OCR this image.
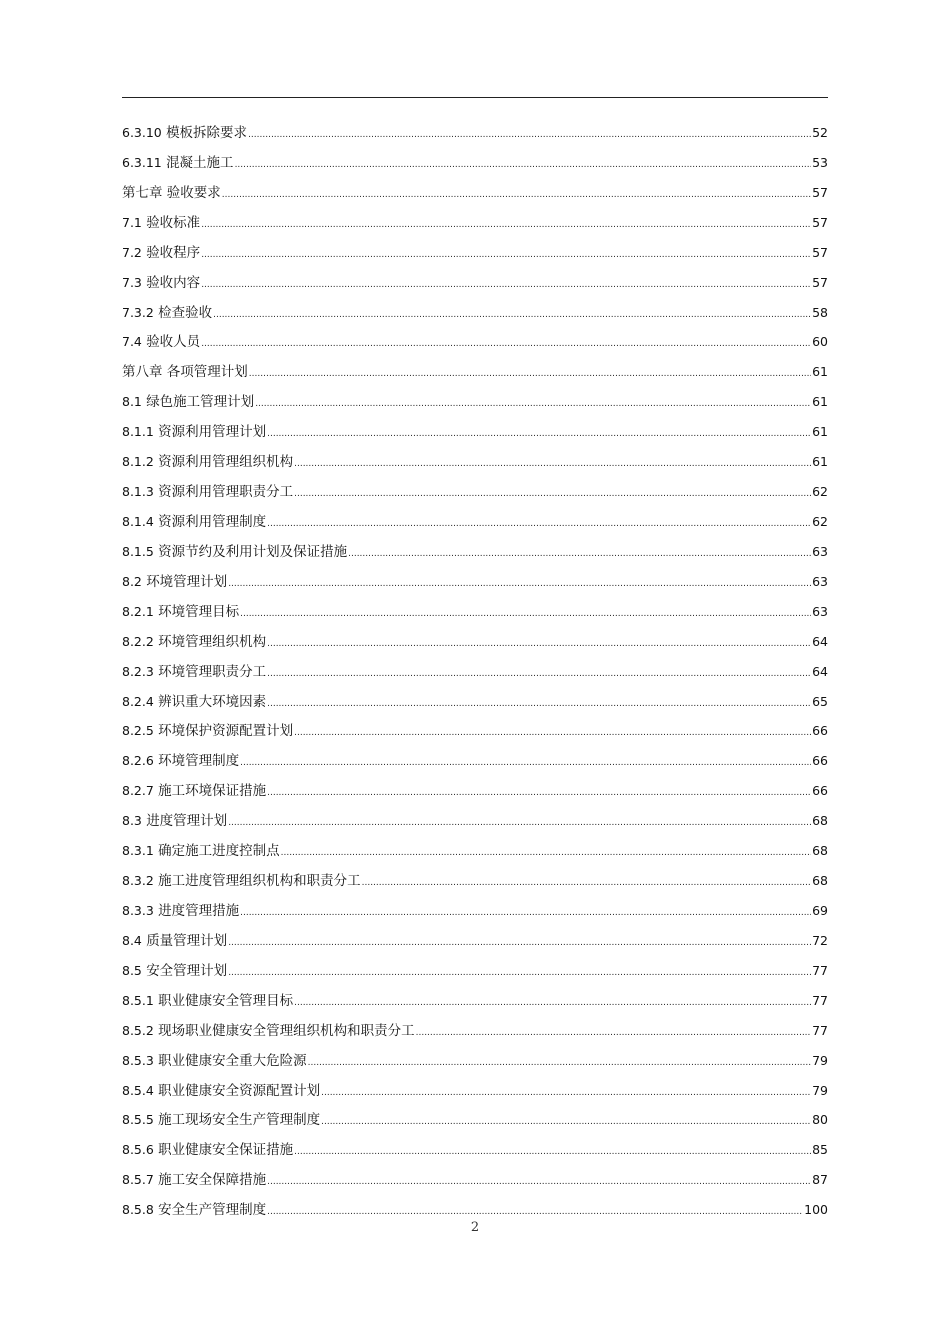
6.3.10 模板拆除要求 .....	52
6.3.11 混凝土施工 .....	53
第七章 验收要求 .....	57
7.1 验收标准 .....	57
7.2 验收程序 .....	57
7.3 验收内容 .....	57
7.3.2 检查验收 .....	58
7.4 验收人员 .....	60
第八章 各项管理计划 .....	61
8.1 绿色施工管理计划 .....	61
8.1.1 资源利用管理计划 .....	61
8.1.2 资源利用管理组织机构 .....	61
8.1.3 资源利用管理职责分工 .....	62
8.1.4 资源利用管理制度 .....	62
8.1.5 资源节约及利用计划及保证措施 .....	63
8.2 环境管理计划 .....	63
8.2.1 环境管理目标 .....	63
8.2.2 环境管理组织机构 .....	64
8.2.3 环境管理职责分工 .....	64
8.2.4 辨识重大环境因素 .....	65
8.2.5 环境保护资源配置计划 .....	66
8.2.6 环境管理制度 .....	66
8.2.7 施工环境保证措施 .....	66
8.3 进度管理计划 .....	68
8.3.1 确定施工进度控制点 .....	68
8.3.2 施工进度管理组织机构和职责分工 .....	68
8.3.3 进度管理措施 .....	69
8.4 质量管理计划 .....	72
8.5 安全管理计划 .....	77
8.5.1 职业健康安全管理目标 .....	77
8.5.2 现场职业健康安全管理组织机构和职责分工 .....	77
8.5.3 职业健康安全重大危险源 .....	79
8.5.4 职业健康安全资源配置计划 .....	79
8.5.5 施工现场安全生产管理制度 .....	80
8.5.6 职业健康安全保证措施 .....	85
8.5.7 施工安全保障措施 .....	87
8.5.8 安全生产管理制度 .....	100
2
